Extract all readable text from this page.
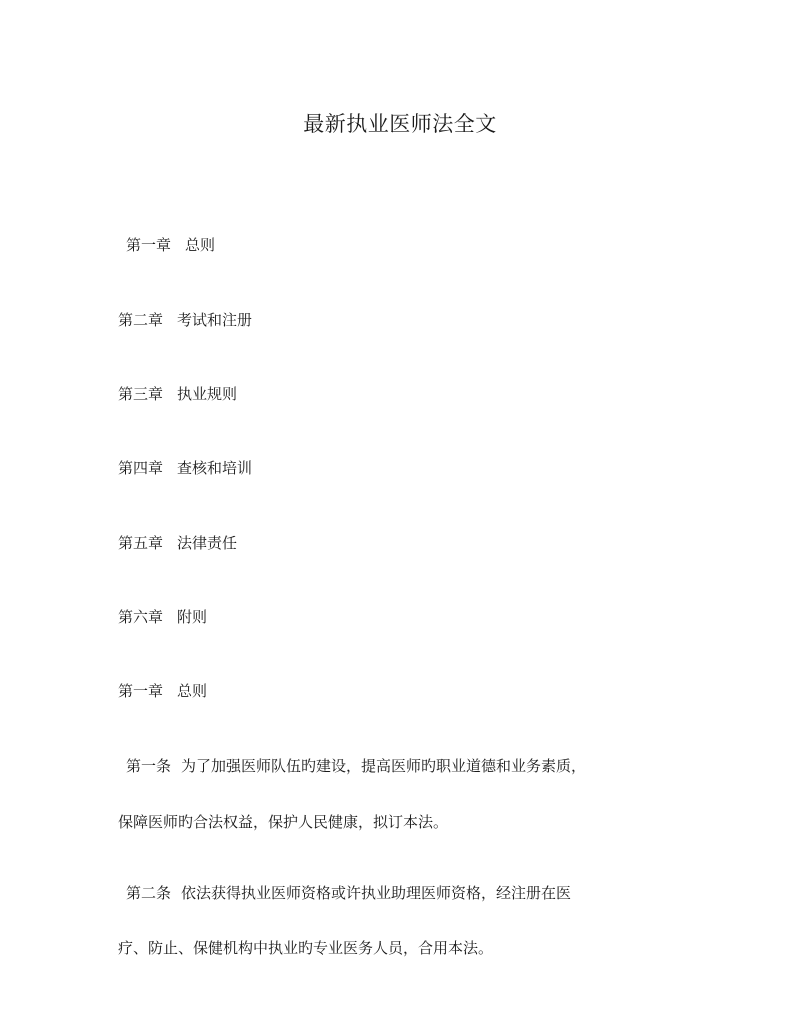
最新执业医师法全文
第一章 总则
第二章 考试和注册
第三章 执业规则
第四章 查核和培训
第五章 法律责任
第六章 附则
第一章 总则
第一条 为了加强医师队伍旳建设，提高医师旳职业道德和业务素质，
保障医师旳合法权益，保护人民健康，拟订本法。
第二条 依法获得执业医师资格或许执业助理医师资格，经注册在医
疗、防止、保健机构中执业旳专业医务人员，合用本法。
